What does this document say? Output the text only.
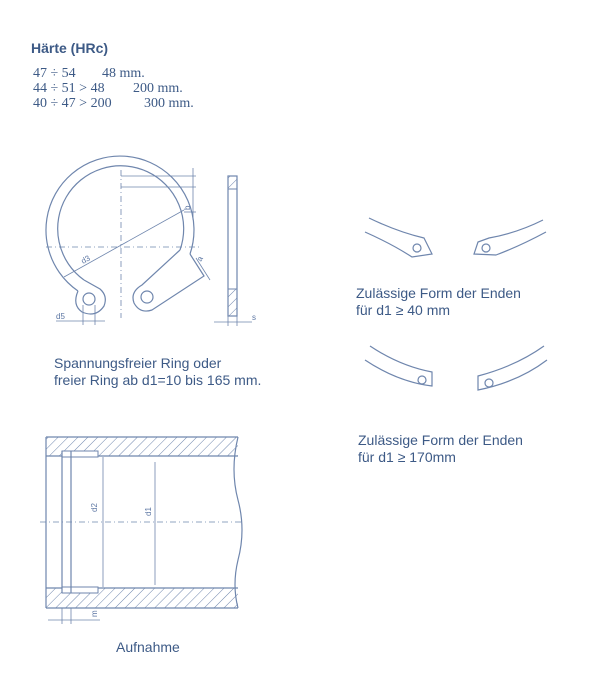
Härte (HRc)
47 ÷ 54 48 mm.
44 ÷ 51 > 48 200 mm.
40 ÷ 47 > 200 300 mm.
d3
b
a
d5	s
d2	d1
m
Spannungsfreier Ring oder
freier Ring ab d1=10 bis 165 mm.
Zulässige Form der Enden
für d1 ≥ 40 mm
Zulässige Form der Enden
für d1 ≥ 170mm
Aufnahme
